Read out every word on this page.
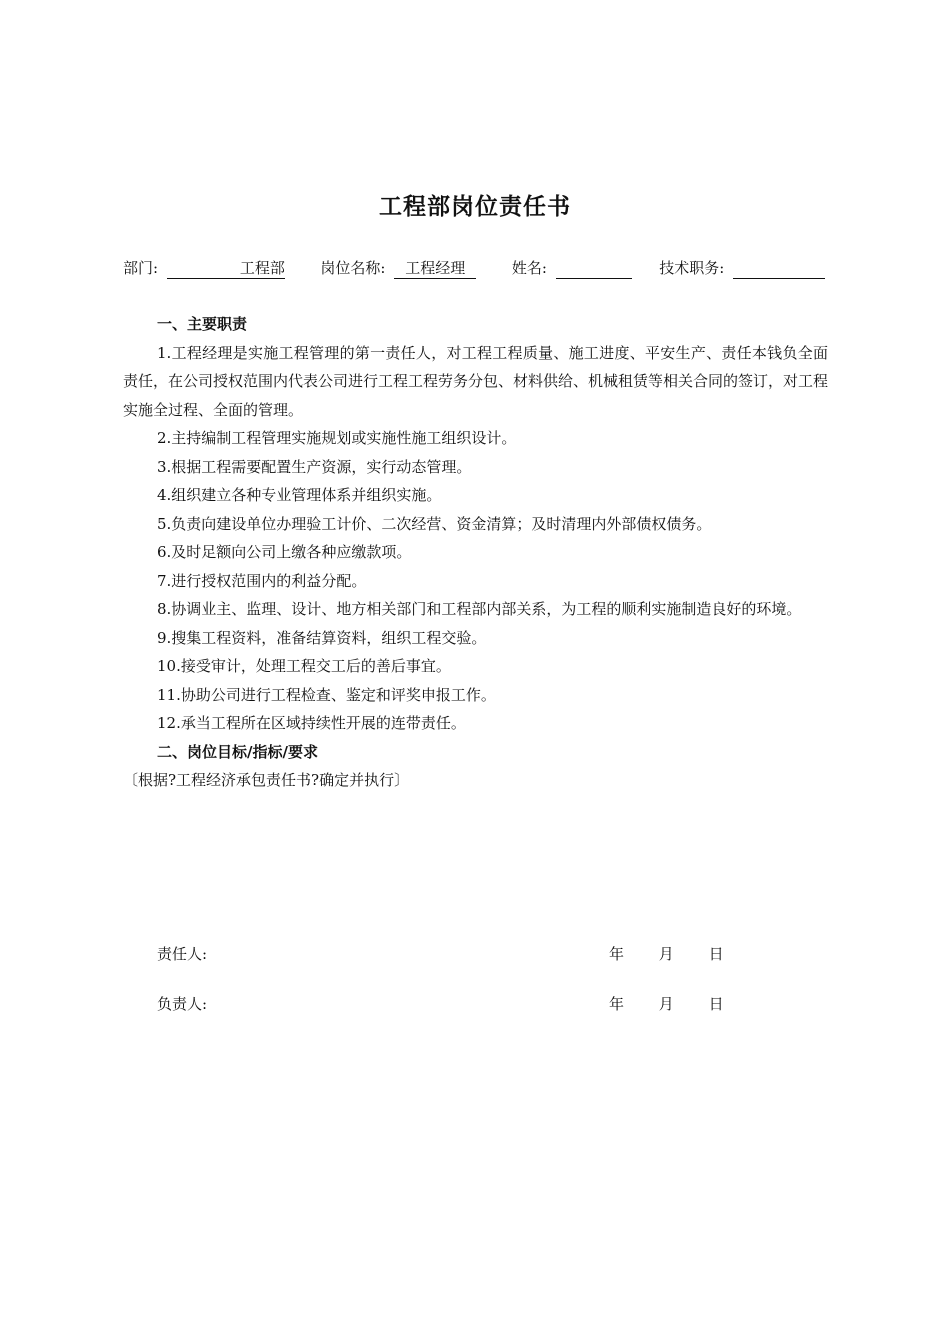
工程部岗位责任书
部门:	工程部 岗位名称: 工程经理	姓名:	技术职务:

一、主要职责

1.工程经理是实施工程管理的第一责任人，对工程工程质量、施工进度、平安生产、责任本钱负全面责任，在公司授权范围内代表公司进行工程工程劳务分包、材料供给、机械租赁等相关合同的签订，对工程实施全过程、全面的管理。

2.主持编制工程管理实施规划或实施性施工组织设计。

3.根据工程需要配置生产资源，实行动态管理。

4.组织建立各种专业管理体系并组织实施。

5.负责向建设单位办理验工计价、二次经营、资金清算；及时清理内外部债权债务。

6.及时足额向公司上缴各种应缴款项。

7.进行授权范围内的利益分配。

8.协调业主、监理、设计、地方相关部门和工程部内部关系，为工程的顺利实施制造良好的环境。

9.搜集工程资料，准备结算资料，组织工程交验。

10.接受审计，处理工程交工后的善后事宜。

11.协助公司进行工程检查、鉴定和评奖申报工作。

12.承当工程所在区域持续性开展的连带责任。

二、岗位目标/指标/要求

〔根据?工程经济承包责任书?确定并执行〕

责任人:	年 月 日
负责人:	年 月 日
